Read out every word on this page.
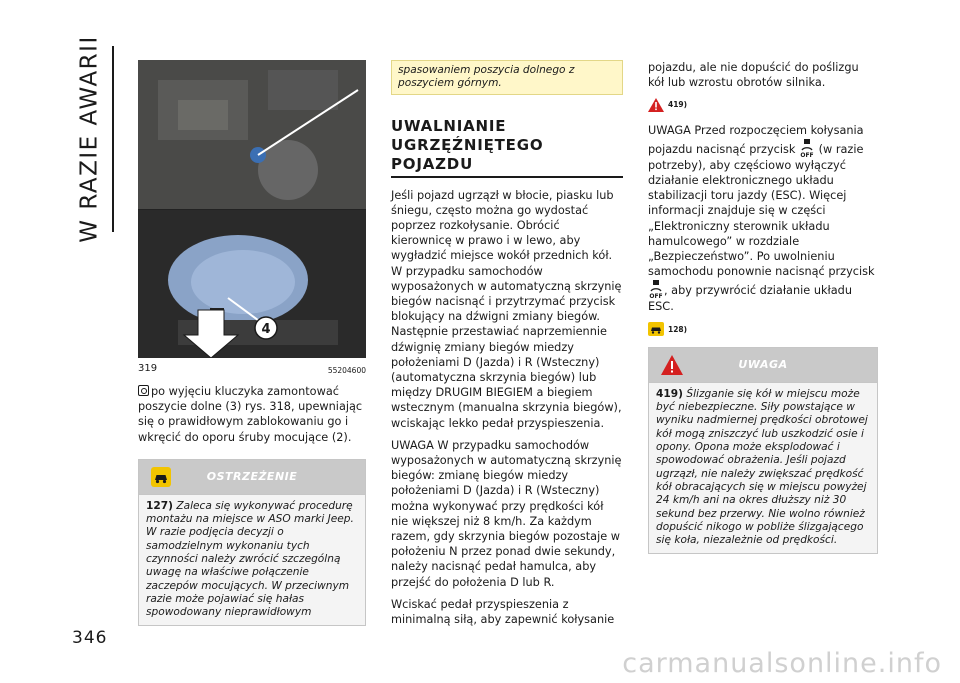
W RAZIE AWARII
346
4
319	55204600

po wyjęciu kluczyka zamontować poszycie dolne (3) rys. 318, upewniając się o prawidłowym zablokowaniu go i wkręcić do oporu śruby mocujące (2).

OSTRZEŻENIE
127) Zaleca się wykonywać procedurę montażu na miejsce w ASO marki Jeep. W razie podjęcia decyzji o samodzielnym wykonaniu tych czynności należy zwrócić szczególną uwagę na właściwe połączenie zaczepów mocujących. W przeciwnym razie może pojawiać się hałas spowodowany nieprawidłowym
spasowaniem poszycia dolnego z poszyciem górnym.
UWALNIANIE
UGRZĘŹNIĘTEGO
POJAZDU

Jeśli pojazd ugrzązł w błocie, piasku lub śniegu, często można go wydostać poprzez rozkołysanie. Obrócić kierownicę w prawo i w lewo, aby wygładzić miejsce wokół przednich kół. W przypadku samochodów wyposażonych w automatyczną skrzynię biegów nacisnąć i przytrzymać przycisk blokujący na dźwigni zmiany biegów. Następnie przestawiać naprzemiennie dźwignię zmiany biegów miedzy położeniami D (Jazda) i R (Wsteczny) (automatyczna skrzynia biegów) lub między DRUGIM BIEGIEM a biegiem wstecznym (manualna skrzynia biegów), wciskając lekko pedał przyspieszenia.

UWAGA W przypadku samochodów wyposażonych w automatyczną skrzynię biegów: zmianę biegów miedzy położeniami D (Jazda) i R (Wsteczny) można wykonywać przy prędkości kół nie większej niż 8 km/h. Za każdym razem, gdy skrzynia biegów pozostaje w położeniu N przez ponad dwie sekundy, należy nacisnąć pedał hamulca, aby przejść do położenia D lub R.

Wciskać pedał przyspieszenia z minimalną siłą, aby zapewnić kołysanie

pojazdu, ale nie dopuścić do poślizgu kół lub wzrostu obrotów silnika.

419)

UWAGA Przed rozpoczęciem kołysania pojazdu nacisnąć przycisk OFF (w razie potrzeby), aby częściowo wyłączyć działanie elektronicznego układu stabilizacji toru jazdy (ESC). Więcej informacji znajduje się w części „Elektroniczny sterownik układu hamulcowego” w rozdziale „Bezpieczeństwo”. Po uwolnieniu samochodu ponownie nacisnąć przycisk
OFF , aby przywrócić działanie układu ESC.

128)
UWAGA
419) Ślizganie się kół w miejscu może być niebezpieczne. Siły powstające w wyniku nadmiernej prędkości obrotowej kół mogą zniszczyć lub uszkodzić osie i opony. Opona może eksplodować i spowodować obrażenia. Jeśli pojazd ugrzązł, nie należy zwiększać prędkość kół obracających się w miejscu powyżej 24 km/h ani na okres dłuższy niż 30 sekund bez przerwy. Nie wolno również dopuścić nikogo w pobliże ślizgającego się koła, niezależnie od prędkości.
carmanualsonline.info
